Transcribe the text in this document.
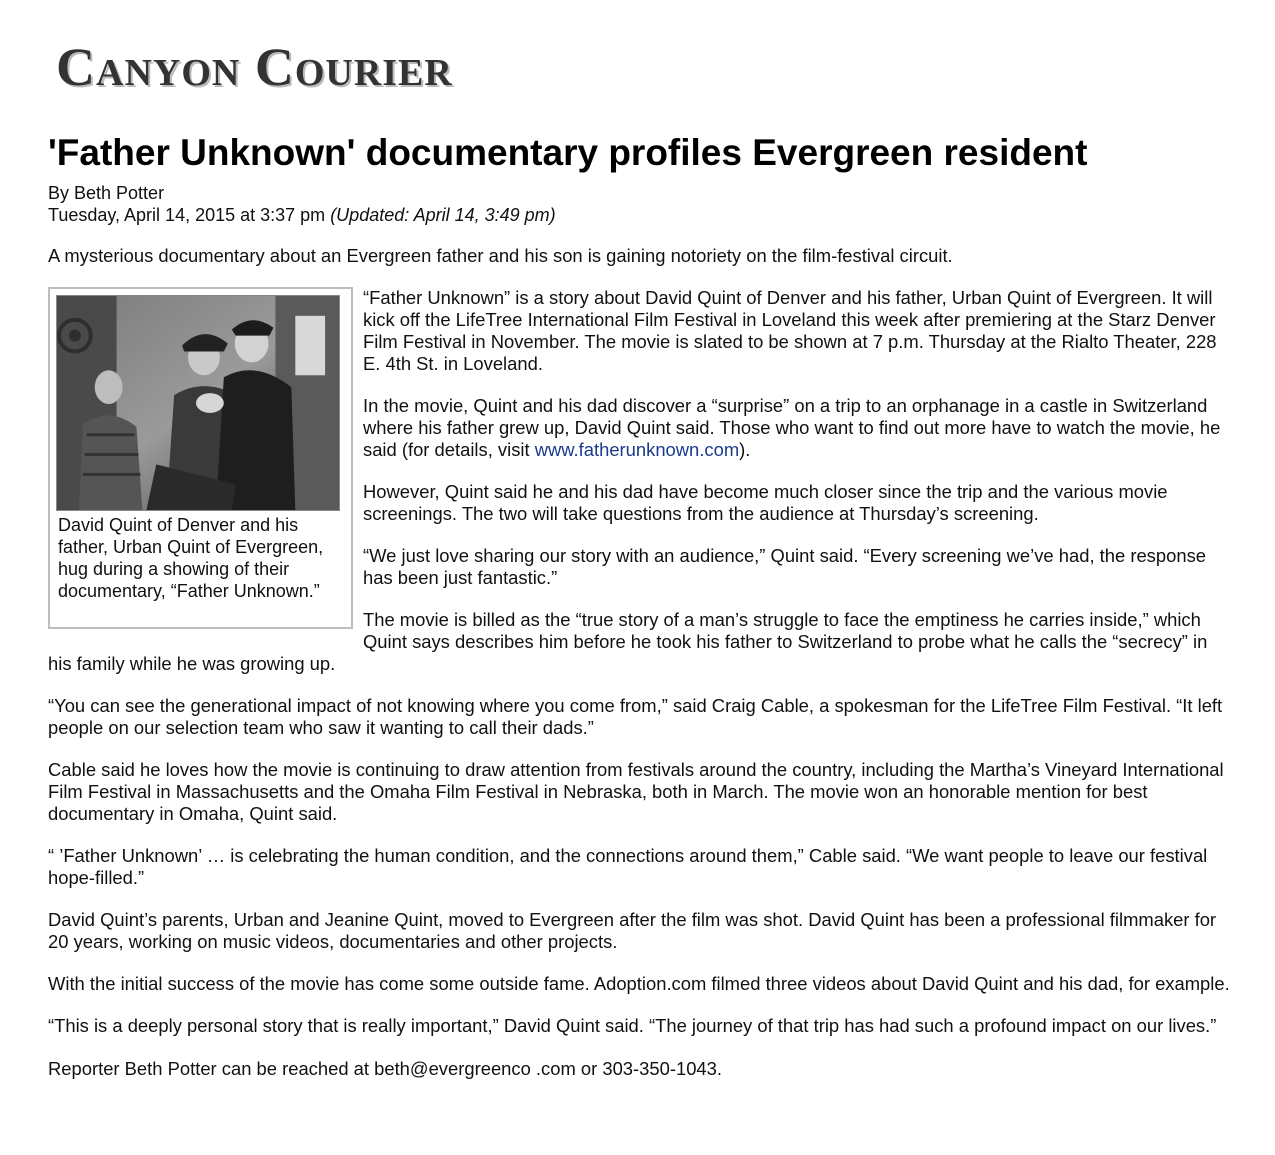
Canyon Courier
'Father Unknown' documentary profiles Evergreen resident
By Beth Potter
Tuesday, April 14, 2015 at 3:37 pm (Updated: April 14, 3:49 pm)

A mysterious documentary about an Evergreen father and his son is gaining notoriety on the film-festival circuit.

David Quint of Denver and his father, Urban Quint of Evergreen, hug during a showing of their documentary, “Father Unknown.”

“Father Unknown” is a story about David Quint of Denver and his father, Urban Quint of Evergreen. It will kick off the LifeTree International Film Festival in Loveland this week after premiering at the Starz Denver Film Festival in November. The movie is slated to be shown at 7 p.m. Thursday at the Rialto Theater, 228 E. 4th St. in Loveland.

In the movie, Quint and his dad discover a “surprise” on a trip to an orphanage in a castle in Switzerland where his father grew up, David Quint said. Those who want to find out more have to watch the movie, he said (for details, visit www.fatherunknown.com).

However, Quint said he and his dad have become much closer since the trip and the various movie screenings. The two will take questions from the audience at Thursday’s screening.

“We just love sharing our story with an audience,” Quint said. “Every screening we’ve had, the response has been just fantastic.”

The movie is billed as the “true story of a man’s struggle to face the emptiness he carries inside,” which Quint says describes him before he took his father to Switzerland to probe what he calls the “secrecy” in his family while he was growing up.

“You can see the generational impact of not knowing where you come from,” said Craig Cable, a spokesman for the LifeTree Film Festival. “It left people on our selection team who saw it wanting to call their dads.”

Cable said he loves how the movie is continuing to draw attention from festivals around the country, including the Martha’s Vineyard International Film Festival in Massachusetts and the Omaha Film Festival in Nebraska, both in March. The movie won an honorable mention for best documentary in Omaha, Quint said.

“ ’Father Unknown’ … is celebrating the human condition, and the connections around them,” Cable said. “We want people to leave our festival hope-filled.”

David Quint’s parents, Urban and Jeanine Quint, moved to Evergreen after the film was shot. David Quint has been a professional filmmaker for 20 years, working on music videos, documentaries and other projects.

With the initial success of the movie has come some outside fame. Adoption.com filmed three videos about David Quint and his dad, for example.

“This is a deeply personal story that is really important,” David Quint said. “The journey of that trip has had such a profound impact on our lives.”

Reporter Beth Potter can be reached at beth@evergreenco .com or 303-350-1043.
